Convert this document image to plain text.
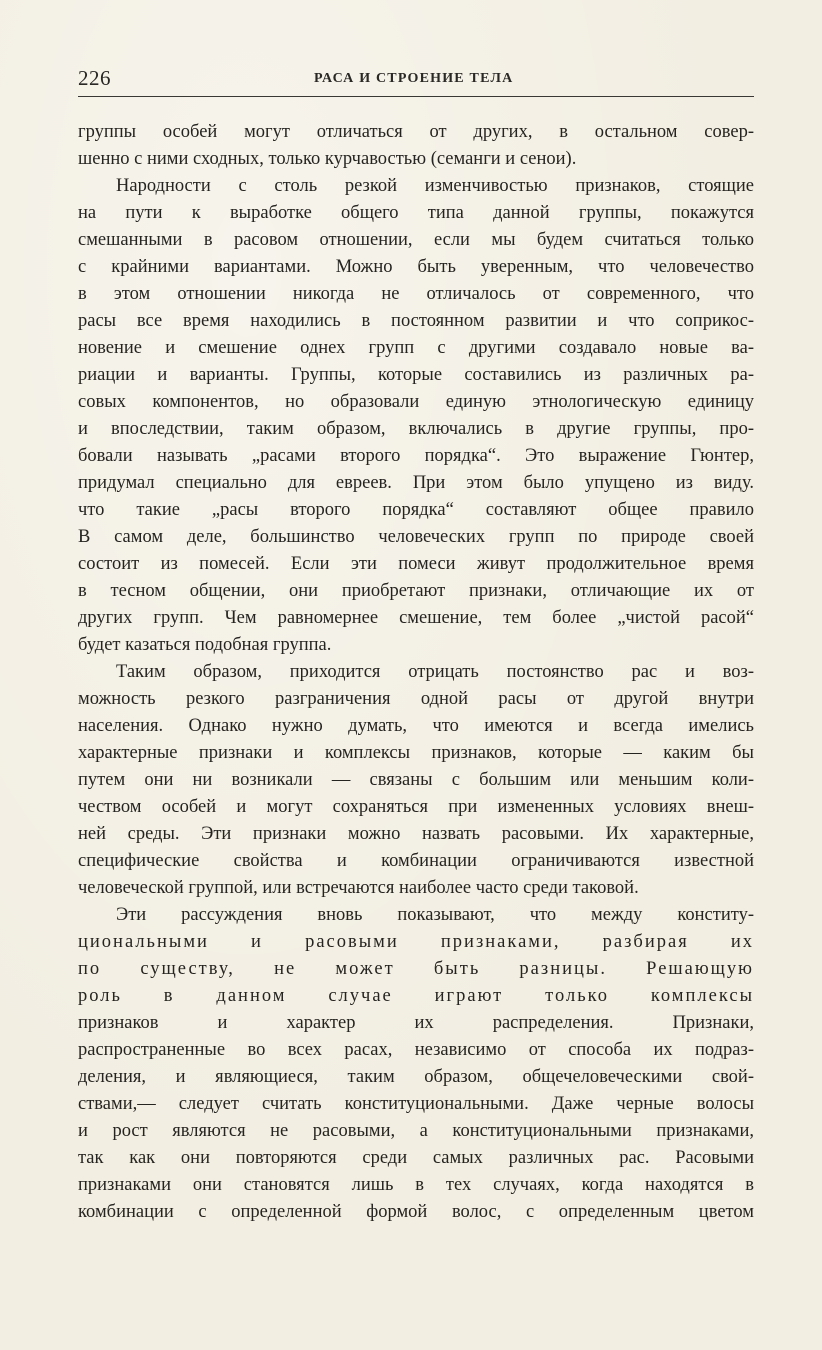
226	РАСА И СТРОЕНИЕ ТЕЛА
группы особей могут отличаться от других, в остальном совер-
шенно с ними сходных, только курчавостью (семанги и сенои).
Народности с столь резкой изменчивостью признаков, стоящие
на пути к выработке общего типа данной группы, покажутся
смешанными в расовом отношении, если мы будем считаться только
с крайними вариантами. Можно быть уверенным, что человечество
в этом отношении никогда не отличалось от современного, что
расы все время находились в постоянном развитии и что соприкос-
новение и смешение однех групп с другими создавало новые ва-
риации и варианты. Группы, которые составились из различных ра-
совых компонентов, но образовали единую этнологическую единицу
и впоследствии, таким образом, включались в другие группы, про-
бовали называть „расами второго порядка“. Это выражение Гюнтер,
придумал специально для евреев. При этом было упущено из виду.
что такие „расы второго порядка“ составляют общее правило
В самом деле, большинство человеческих групп по природе своей
состоит из помесей. Если эти помеси живут продолжительное время
в тесном общении, они приобретают признаки, отличающие их от
других групп. Чем равномернее смешение, тем более „чистой расой“
будет казаться подобная группа.
Таким образом, приходится отрицать постоянство рас и воз-
можность резкого разграничения одной расы от другой внутри
населения. Однако нужно думать, что имеются и всегда имелись
характерные признаки и комплексы признаков, которые — каким бы
путем они ни возникали — связаны с большим или меньшим коли-
чеством особей и могут сохраняться при измененных условиях внеш-
ней среды. Эти признаки можно назвать расовыми. Их характерные,
специфические свойства и комбинации ограничиваются известной
человеческой группой, или встречаются наиболее часто среди таковой.
Эти рассуждения вновь показывают, что между конститу-
циональными и расовыми признаками, разбирая их
по существу, не может быть разницы. Решающую
роль в данном случае играют только комплексы
признаков и характер их распределения. Признаки,
распространенные во всех расах, независимо от способа их подраз-
деления, и являющиеся, таким образом, общечеловеческими свой-
ствами,— следует считать конституциональными. Даже черные волосы
и рост являются не расовыми, а конституциональными признаками,
так как они повторяются среди самых различных рас. Расовыми
признаками они становятся лишь в тех случаях, когда находятся в
комбинации с определенной формой волос, с определенным цветом
